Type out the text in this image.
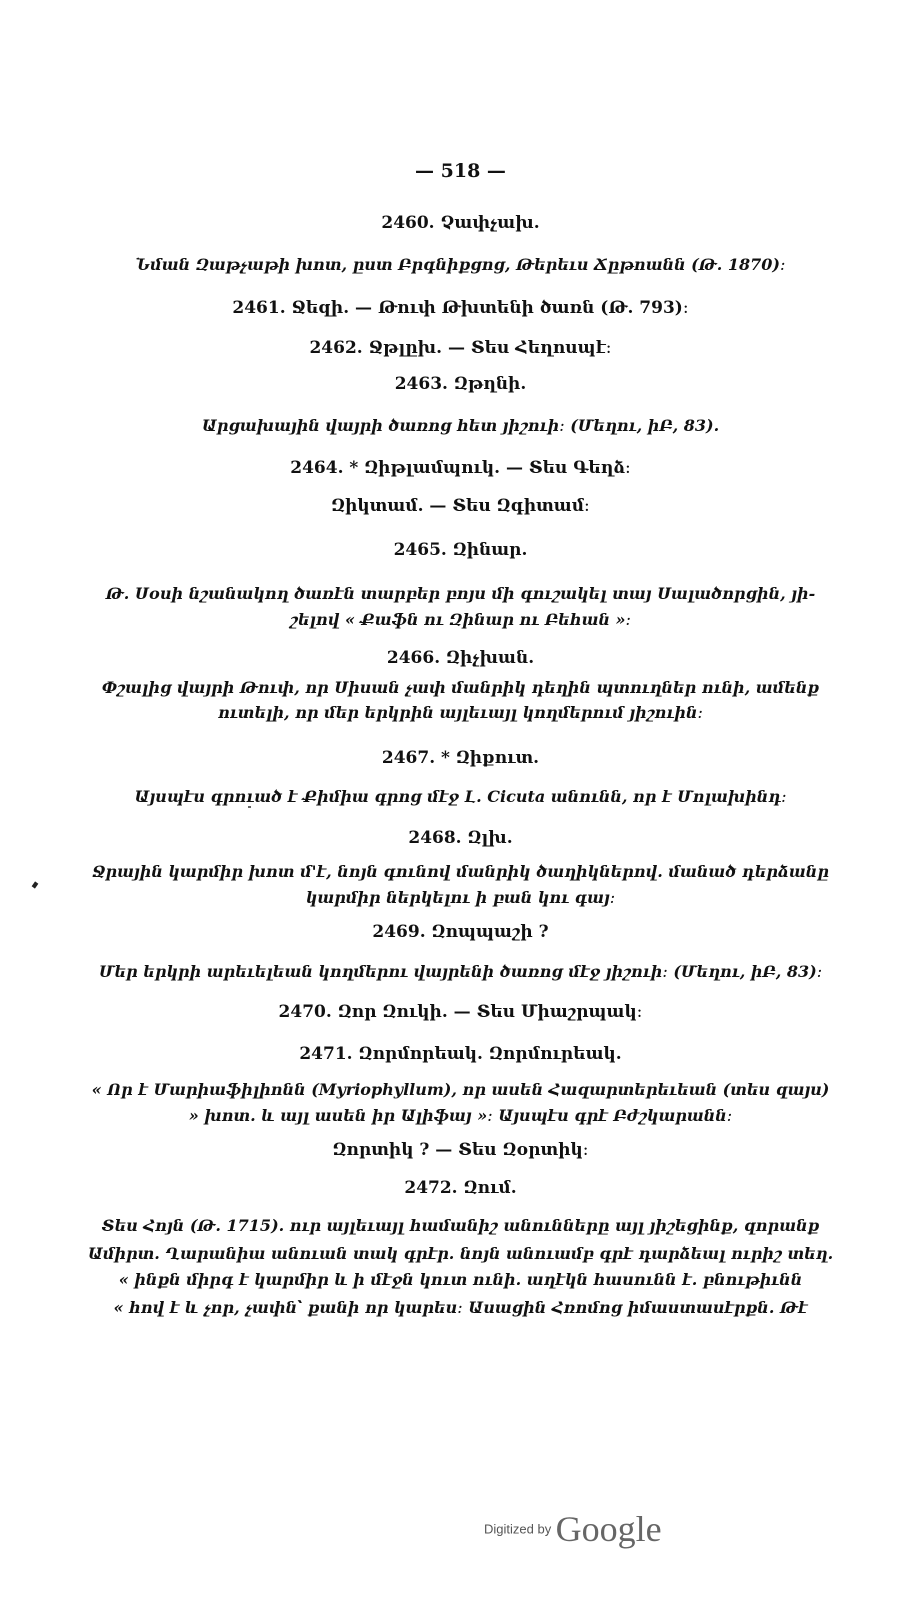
— 518 —
2460. Չափչախ.
Նման Զաթչաթի խոտ, ըստ Բրգնիքցոց, Թերեւս Ճըթոանն (Թ. 1870)։
2461. Ջեզի. — Թուփ Թխտենի ծառն (Թ. 793)։
2462. Ջթլըխ. — Տես Հեղոսպէ։
2463. Զթղնի.
Արցախային վայրի ծառոց հետ յիշուի։ (Մեղու, իԲ, 83).
2464. * Զիթլամպուկ. — Տես Գեղձ։
Զիկտամ. — Տես Զգիտամ։
2465. Զինար.
Թ. Սօսի նշանակող ծառէն տարբեր բոյս մի գուշակել տայ Սալածորցին, յի-
շելով « Քաֆն ու Զինար ու Բեհան »։
2466. Զիչխան.
Փշալից վայրի Թուփ, որ Սիսան չափ մանրիկ դեղին պտուղներ ունի, ամենք
ուտելի, որ մեր երկրին այլեւայլ կողմերում յիշուին։
2467. * Զիքուտ.
Այսպէս գրուած է Քիմիա գրոց մէջ Լ. Cicuta անունն, որ է Մոլախինդ։
2468. Զլխ.
Ջրային կարմիր խոտ մ'է, նոյն գունով մանրիկ ծաղիկներով. մանած դերձանը
կարմիր ներկելու ի բան կու գայ։
2469. Զոպպաշի ?
Մեր երկրի արեւելեան կողմերու վայրենի ծառոց մէջ յիշուի։ (Մեղու, իԲ, 83)։
2470. Զոր Զուկի. — Տես Միաշրպակ։
2471. Զորմորեակ. Զորմուրեակ.
« Որ է Մարիաֆիլիոնն (Myriophyllum), որ ասեն Հազարտերեւեան (տես զայս)
» խոտ. և այլ ասեն իր Ալիֆայ »։ Այսպէս գրէ Բժշկարանն։
Զորտիկ ? — Տես Զօրտիկ։
2472. Զում.
Տես Հոյն (Թ. 1715). ուր այլեւայլ համանիշ անունները այլ յիշեցինք, զորանք
Ամիրտ. Ղարանիա անուան տակ գրէր. նոյն անուամբ գրէ դարձեալ ուրիշ տեղ.
« ինքն միրգ է կարմիր և ի մէջն կուտ ունի. աղէկն հասունն է. բնութիւնն
« հով է և չոր, չափն՝ քանի որ կարես։ Ասացին Հռոմոց իմաստասէրքն. Թէ
Digitized by Google
